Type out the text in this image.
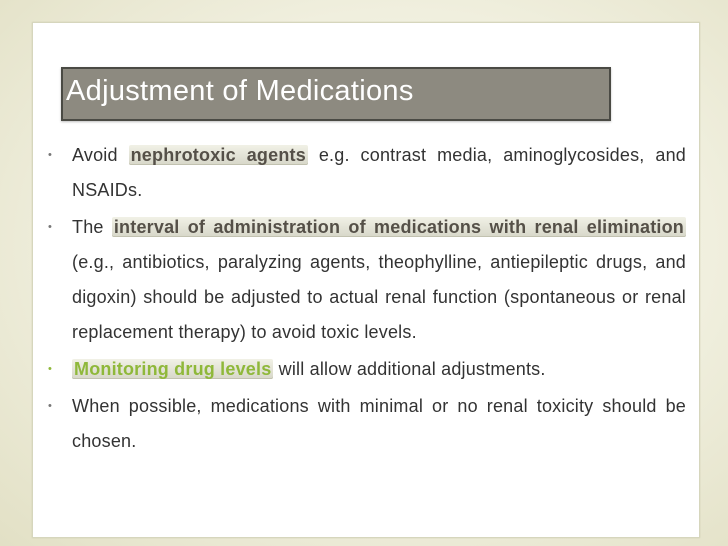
Adjustment of Medications
•	Avoid nephrotoxic agents e.g. contrast media, aminoglycosides, and NSAIDs.
•	The interval of administration of medications with renal elimination (e.g., antibiotics, paralyzing agents, theophylline, antiepileptic drugs, and digoxin) should be adjusted to actual renal function (spontaneous or renal replacement therapy) to avoid toxic levels.
•	Monitoring drug levels will allow additional adjustments.
•	When possible, medications with minimal or no renal toxicity should be chosen.
